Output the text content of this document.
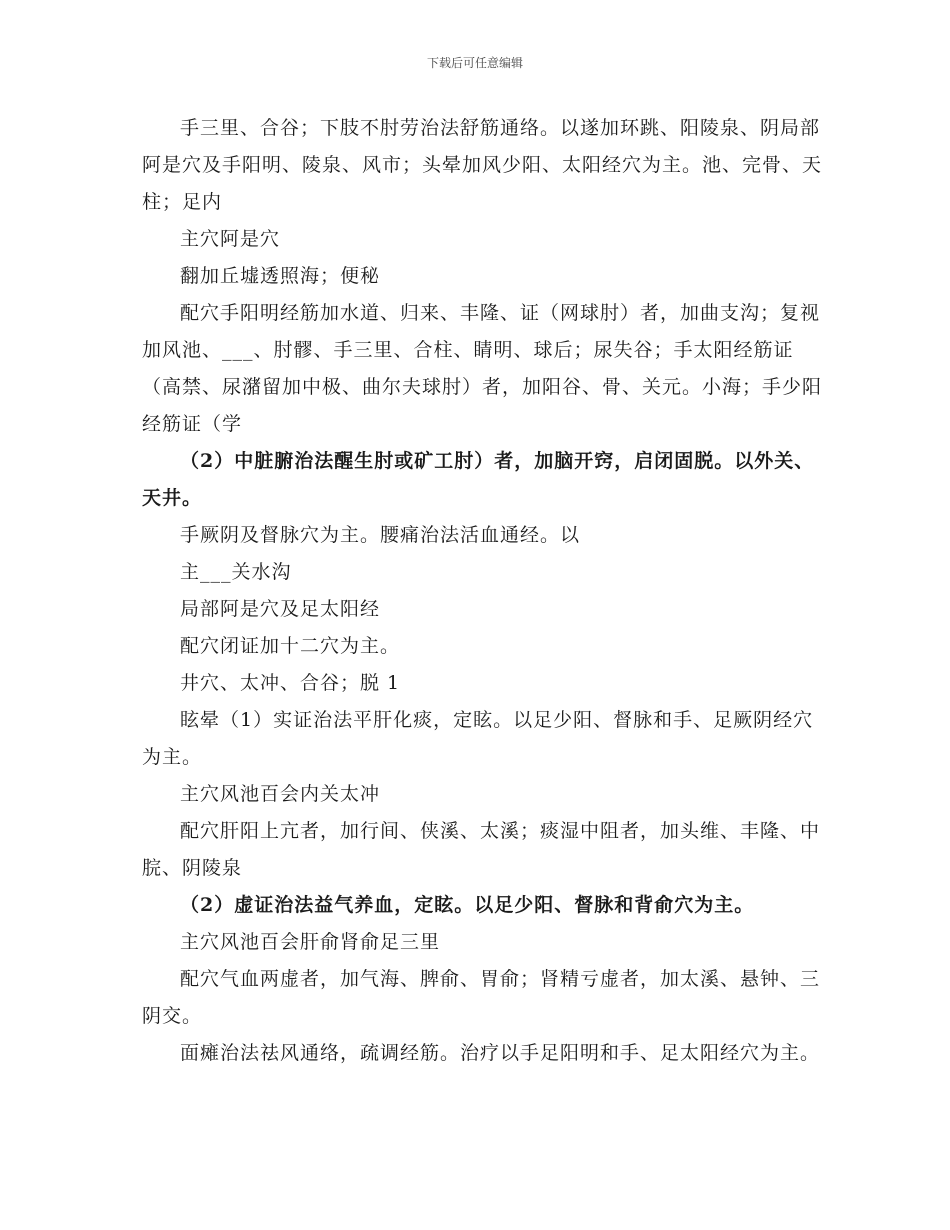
下载后可任意编辑

手三里、合谷；下肢不肘劳治法舒筋通络。以遂加环跳、阳陵泉、阴局部阿是穴及手阳明、陵泉、风市；头晕加风少阳、太阳经穴为主。池、完骨、天柱；足内

主穴阿是穴

翻加丘墟透照海；便秘

配穴手阳明经筋加水道、归来、丰隆、证（网球肘）者，加曲支沟；复视加风池、___、肘髎、手三里、合柱、睛明、球后；尿失谷；手太阳经筋证（高禁、尿潴留加中极、曲尔夫球肘）者，加阳谷、骨、关元。小海；手少阳经筋证（学

（2）中脏腑治法醒生肘或矿工肘）者，加脑开窍，启闭固脱。以外关、天井。

手厥阴及督脉穴为主。腰痛治法活血通经。以

主___关水沟

局部阿是穴及足太阳经

配穴闭证加十二穴为主。

井穴、太冲、合谷；脱 1

眩晕（1）实证治法平肝化痰，定眩。以足少阳、督脉和手、足厥阴经穴为主。

主穴风池百会内关太冲

配穴肝阳上亢者，加行间、侠溪、太溪；痰湿中阻者，加头维、丰隆、中脘、阴陵泉

（2）虚证治法益气养血，定眩。以足少阳、督脉和背俞穴为主。

主穴风池百会肝俞肾俞足三里

配穴气血两虚者，加气海、脾俞、胃俞；肾精亏虚者，加太溪、悬钟、三阴交。

面瘫治法祛风通络，疏调经筋。治疗以手足阳明和手、足太阳经穴为主。
